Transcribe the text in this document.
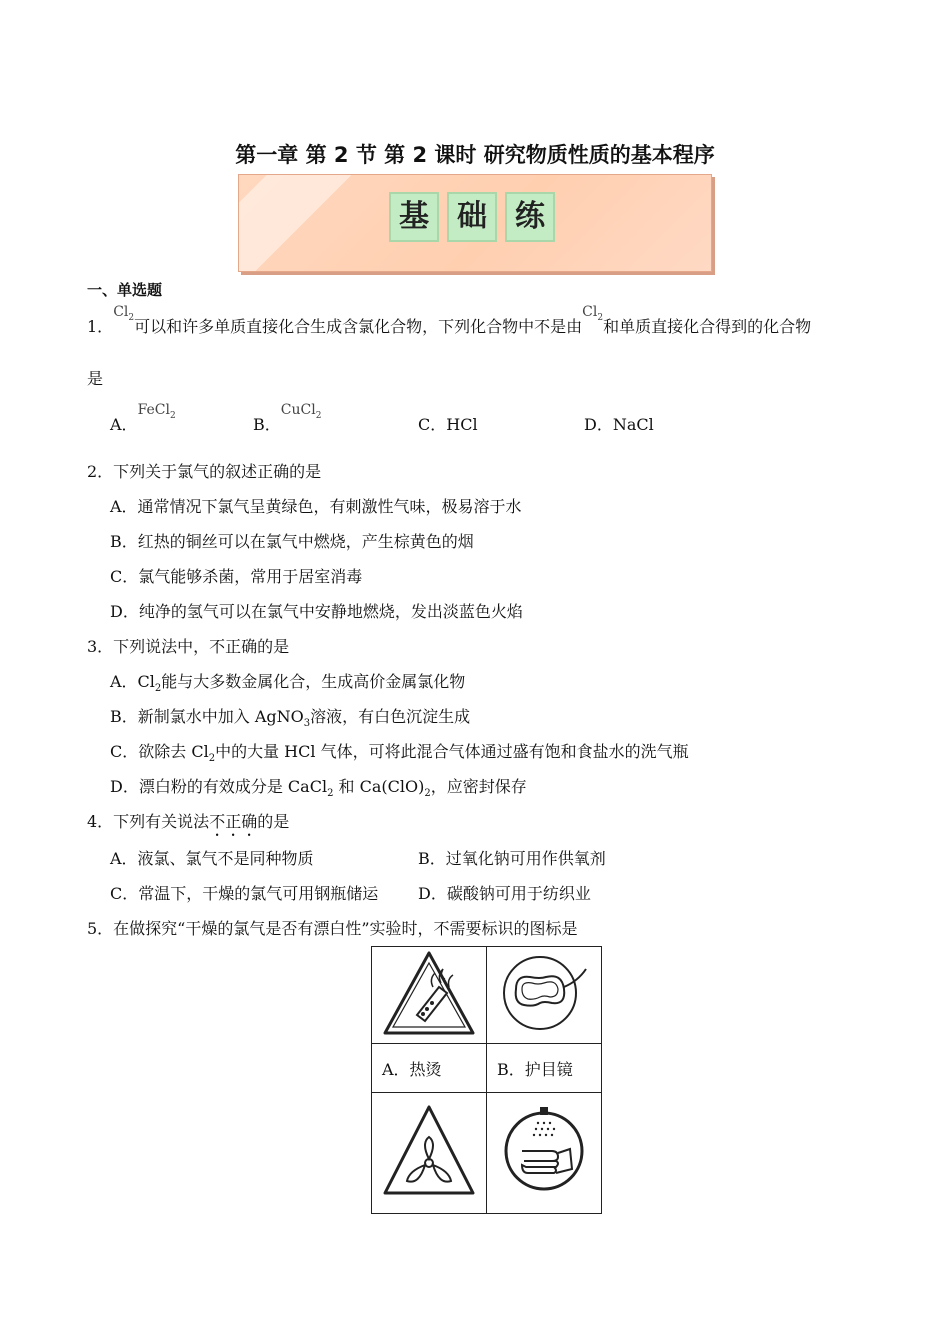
第一章 第 2 节 第 2 课时 研究物质性质的基本程序
基 础 练
一、单选题
1．$Cl_2$可以和许多单质直接化合生成含氯化合物，下列化合物中不是由$Cl_2$和单质直接化合得到的化合物
是
A．FeCl$_2$	B．CuCl$_2$	C．HCl	D．NaCl
2．下列关于氯气的叙述正确的是
A．通常情况下氯气呈黄绿色，有刺激性气味，极易溶于水
B．红热的铜丝可以在氯气中燃烧，产生棕黄色的烟
C．氯气能够杀菌，常用于居室消毒
D．纯净的氢气可以在氯气中安静地燃烧，发出淡蓝色火焰
3．下列说法中，不正确的是
A．$Cl_2$能与大多数金属化合，生成高价金属氯化物
B．新制氯水中加入 AgNO$_3$溶液，有白色沉淀生成
C．欲除去 $Cl_2$中的大量 HCl 气体，可将此混合气体通过盛有饱和食盐水的洗气瓶
D．漂白粉的有效成分是 CaCl$_2$ 和 $Ca(ClO)_2$，应密封保存
4．下列有关说法不正确的是
A．液氯、氯气不是同种物质	B．过氧化钠可用作供氧剂
C．常温下，干燥的氯气可用钢瓶储运 D．碳酸钠可用于纺织业
5．在做探究“干燥的氯气是否有漂白性”实验时，不需要标识的图标是

A．热烫	B．护目镜
